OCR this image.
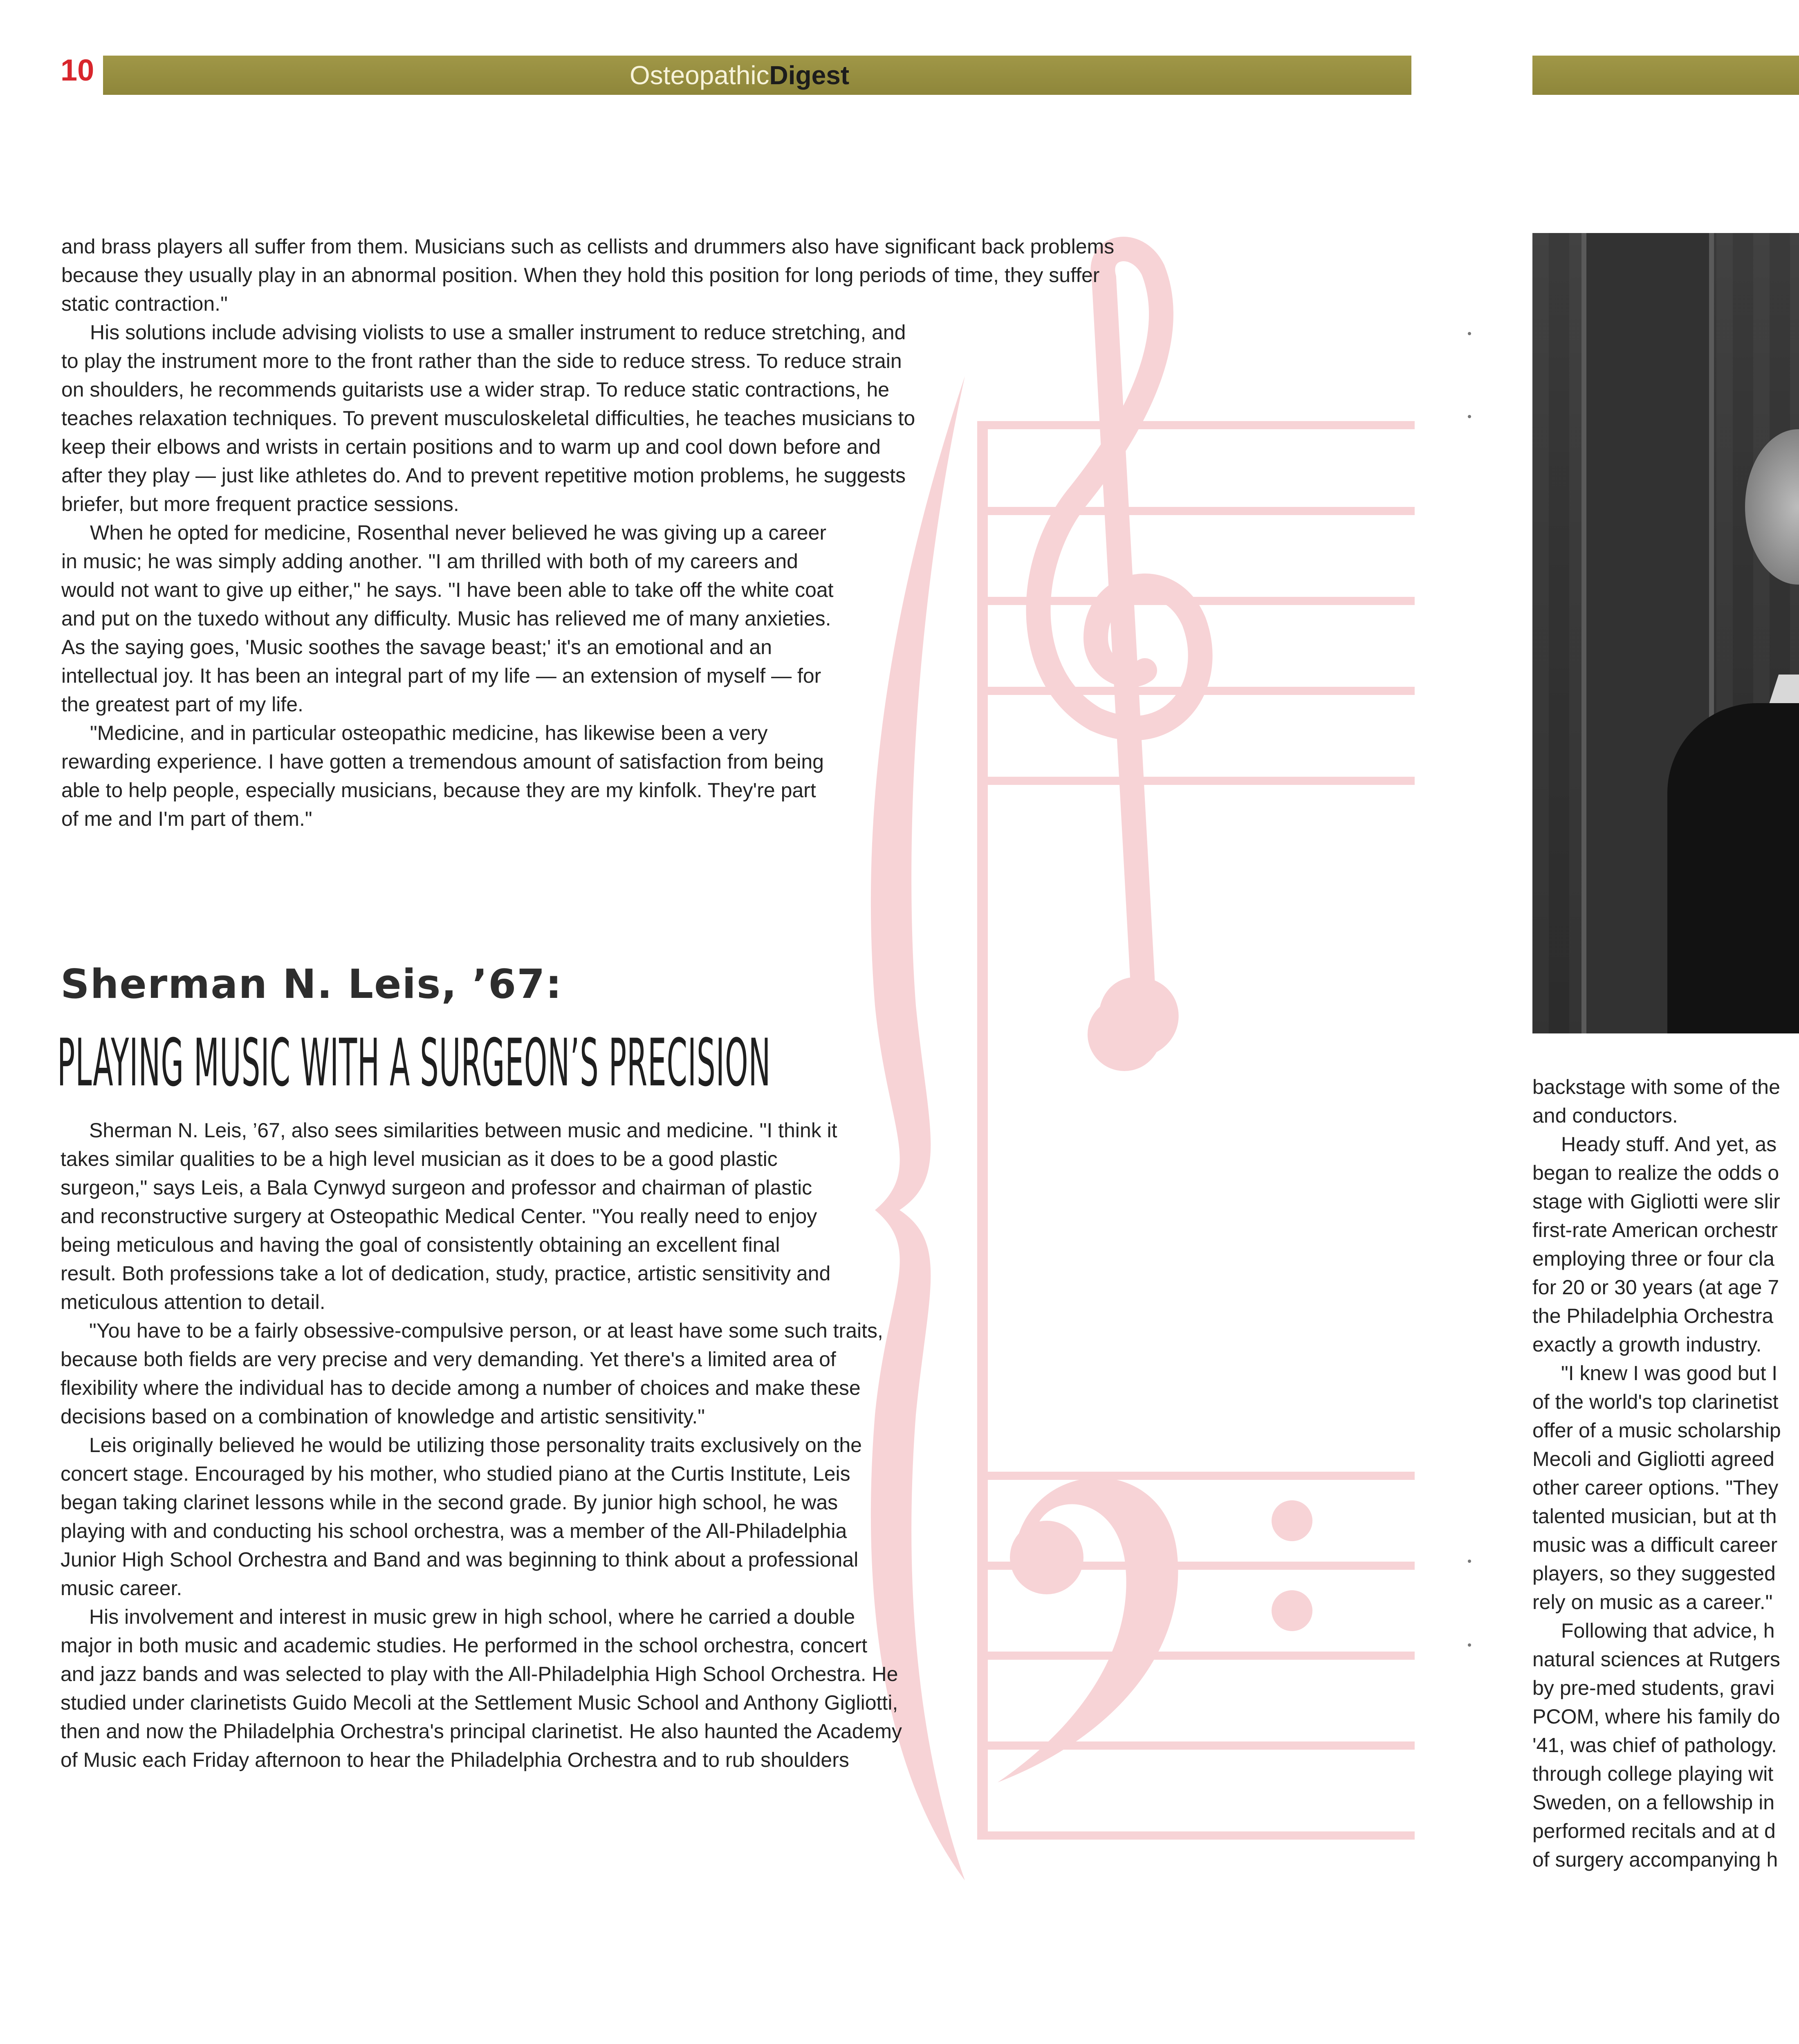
10	OsteopathicDigest

and brass players all suffer from them. Musicians such as cellists and drummers also have significant back problems because they usually play in an abnormal position. When they hold this position for long periods of time, they suffer static contraction."

His solutions include advising violists to use a smaller instrument to reduce stretching, and to play the instrument more to the front rather than the side to reduce stress. To reduce strain on shoulders, he recommends guitarists use a wider strap. To reduce static contractions, he teaches relaxation techniques. To prevent musculoskeletal difficulties, he teaches musicians to keep their elbows and wrists in certain positions and to warm up and cool down before and after they play — just like athletes do. And to prevent repetitive motion problems, he suggests briefer, but more frequent practice sessions.

When he opted for medicine, Rosenthal never believed he was giving up a career in music; he was simply adding another. "I am thrilled with both of my careers and would not want to give up either," he says. "I have been able to take off the white coat and put on the tuxedo without any difficulty. Music has relieved me of many anxieties. As the saying goes, 'Music soothes the savage beast;' it's an emotional and an intellectual joy. It has been an integral part of my life — an extension of myself — for the greatest part of my life.

"Medicine, and in particular osteopathic medicine, has likewise been a very rewarding experience. I have gotten a tremendous amount of satisfaction from being able to help people, especially musicians, because they are my kinfolk. They're part of me and I'm part of them."

Sherman N. Leis, ’67:
PLAYING MUSIC WITH A SURGEON’S PRECISION

Sherman N. Leis, ’67, also sees similarities between music and medicine. "I think it takes similar qualities to be a high level musician as it does to be a good plastic surgeon," says Leis, a Bala Cynwyd surgeon and professor and chairman of plastic and reconstructive surgery at Osteopathic Medical Center. "You really need to enjoy being meticulous and having the goal of consistently obtaining an excellent final result. Both professions take a lot of dedication, study, practice, artistic sensitivity and meticulous attention to detail.

"You have to be a fairly obsessive-compulsive person, or at least have some such traits, because both fields are very precise and very demanding. Yet there's a limited area of flexibility where the individual has to decide among a number of choices and make these decisions based on a combination of knowledge and artistic sensitivity."

Leis originally believed he would be utilizing those personality traits exclusively on the concert stage. Encouraged by his mother, who studied piano at the Curtis Institute, Leis began taking clarinet lessons while in the second grade. By junior high school, he was playing with and conducting his school orchestra, was a member of the All-Philadelphia Junior High School Orchestra and Band and was beginning to think about a professional music career.

His involvement and interest in music grew in high school, where he carried a double major in both music and academic studies. He performed in the school orchestra, concert and jazz bands and was selected to play with the All-Philadelphia High School Orchestra. He studied under clarinetists Guido Mecoli at the Settlement Music School and Anthony Gigliotti, then and now the Philadelphia Orchestra's principal clarinetist. He also haunted the Academy of Music each Friday afternoon to hear the Philadelphia Orchestra and to rub shoulders

backstage with some of the
and conductors.
Heady stuff. And yet, as
began to realize the odds o
stage with Gigliotti were slir
first-rate American orchestr
employing three or four cla
for 20 or 30 years (at age 7
the Philadelphia Orchestra
exactly a growth industry.
"I knew I was good but I
of the world's top clarinetist
offer of a music scholarship
Mecoli and Gigliotti agreed
other career options. "They
talented musician, but at th
music was a difficult career
players, so they suggested
rely on music as a career."
Following that advice, h
natural sciences at Rutgers
by pre-med students, gravi
PCOM, where his family do
'41, was chief of pathology.
through college playing wit
Sweden, on a fellowship in
performed recitals and at d
of surgery accompanying h
